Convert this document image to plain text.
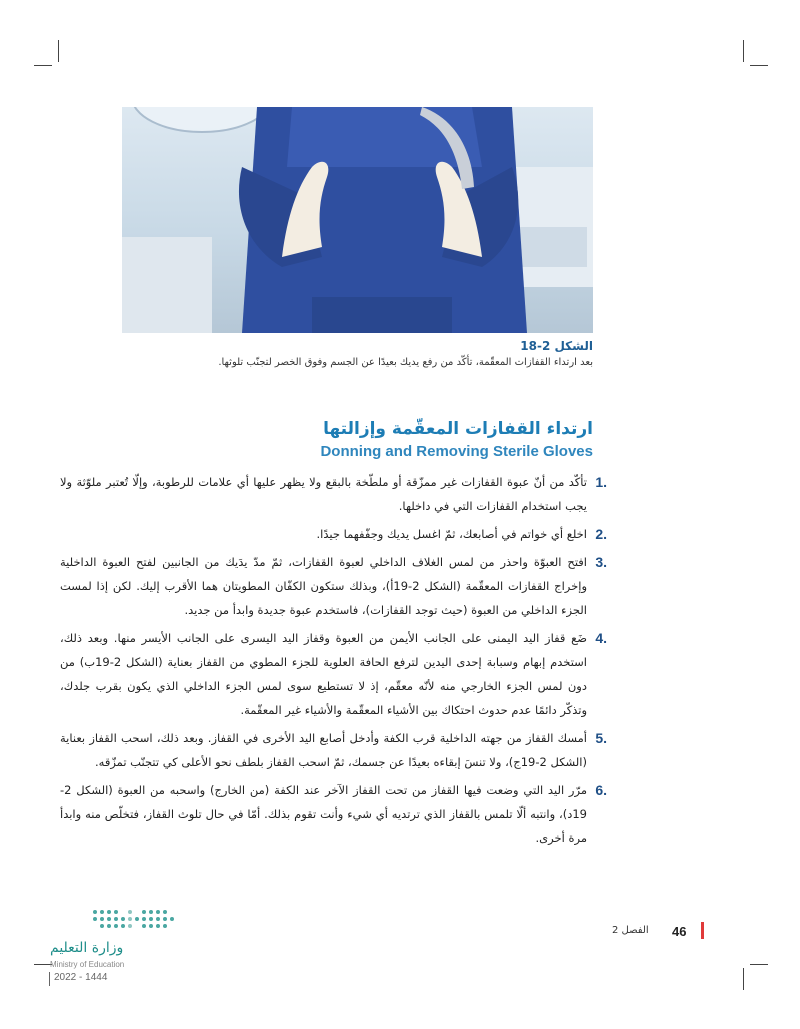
الشكل 2-18
بعد ارتداء القفازات المعقّمة، تأكّد من رفع يديك بعيدًا عن الجسم وفوق الخصر لتجنّب تلوثها.
ارتداء القفازات المعقّمة وإزالتها
Donning and Removing Sterile Gloves
1.
تأكّد من أنّ عبوة القفازات غير ممزّقة أو ملطّخة بالبقع ولا يظهر عليها أي علامات للرطوبة، وإلّا تُعتبر ملوّثة ولا يجب استخدام القفازات التي في داخلها.
2.
اخلع أي خواتم في أصابعك، ثمّ اغسل يديك وجفّفهما جيدًا.
3.
افتح العبوّة واحذر من لمس الغلاف الداخلي لعبوة القفازات، ثمّ مدّ يدَيك من الجانبين لفتح العبوة الداخلية وإخراج القفازات المعقّمة (الشكل 2-19أ)، وبذلك ستكون الكفّان المطويتان هما الأقرب إليك. لكن إذا لمست الجزء الداخلي من العبوة (حيث توجد القفازات)، فاستخدم عبوة جديدة وابدأ من جديد.
4.
ضَع قفاز اليد اليمنى على الجانب الأيمن من العبوة وقفاز اليد اليسرى على الجانب الأيسر منها. وبعد ذلك، استخدم إبهام وسبابة إحدى اليدين لترفع الحافة العلوية للجزء المطوي من القفاز بعناية (الشكل 2-19ب) من دون لمس الجزء الخارجي منه لأنّه معقّم، إذ لا تستطيع سوى لمس الجزء الداخلي الذي يكون بقرب جلدك، وتذكّر دائمًا عدم حدوث احتكاك بين الأشياء المعقّمة والأشياء غير المعقّمة.
5.
أمسك القفاز من جهته الداخلية قرب الكفة وأدخل أصابع اليد الأخرى في القفاز. وبعد ذلك، اسحب القفاز بعناية (الشكل 2-19ج)، ولا تنسَ إبقاءه بعيدًا عن جسمك، ثمّ اسحب القفاز بلطف نحو الأعلى كي تتجنّب تمزّقه.
6.
مرّر اليد التي وضعت فيها القفاز من تحت القفاز الآخر عند الكفة (من الخارج) واسحبه من العبوة (الشكل 2-19د)، وانتبه ألّا تلمس بالقفاز الذي ترتديه أي شيء وأنت تقوم بذلك. أمّا في حال تلوث القفاز، فتخلّص منه وابدأ مرة أخرى.
46
الفصل 2
وزارة التعليم
Ministry of Education
2022 - 1444
